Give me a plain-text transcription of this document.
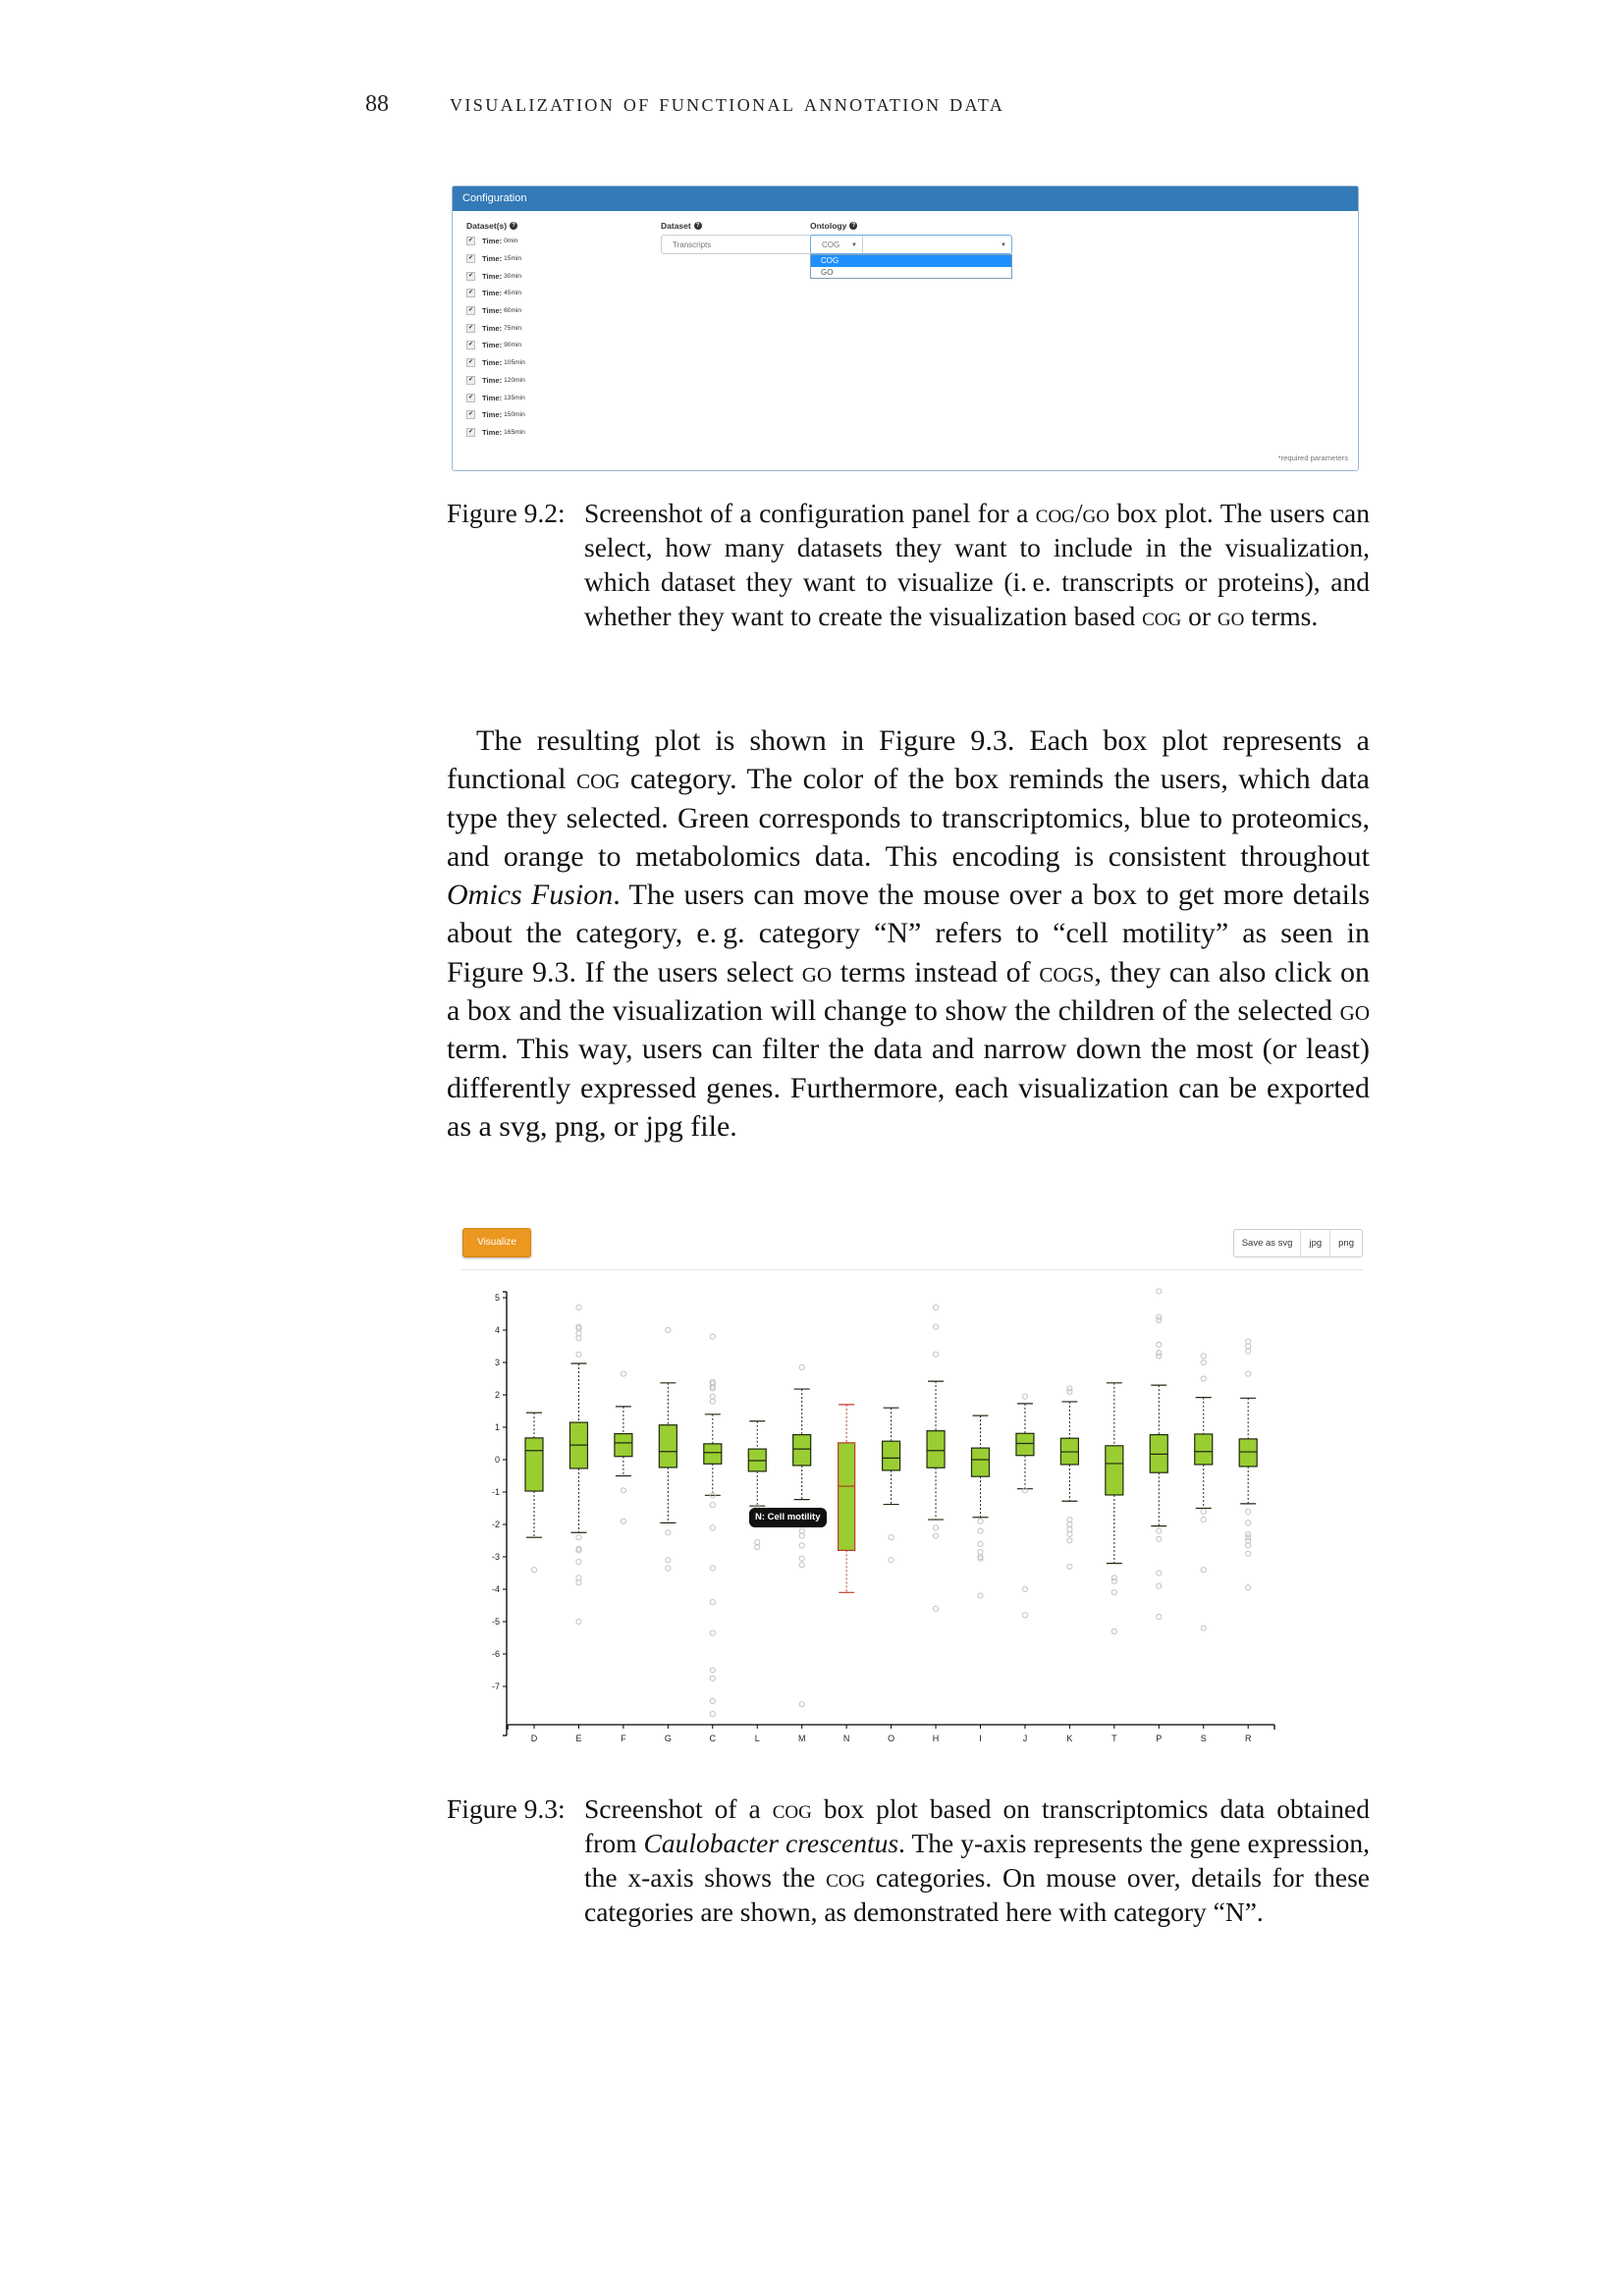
88 visualization of functional annotation data
Configuration
Dataset(s) ?
✔ Time: 0min
✔ Time: 15min
✔ Time: 30min
✔ Time: 45min
✔ Time: 60min
✔ Time: 75min
✔ Time: 90min
✔ Time: 105min
✔ Time: 120min
✔ Time: 135min
✔ Time: 150min
✔ Time: 165min
Dataset ?
Transcripts	▼
Ontology ?
COG	▼
COG
GO
*required parameters
Figure 9.2: Screenshot of a configuration panel for a cog/go box plot. The users can select, how many datasets they want to include in the visualization, which dataset they want to visualize (i. e. transcripts or proteins), and whether they want to create the visualization based cog or go terms.

The resulting plot is shown in Figure 9.3. Each box plot represents a functional cog category. The color of the box reminds the users, which data type they selected. Green corresponds to transcriptomics, blue to proteomics, and orange to metabolomics data. This encoding is consistent throughout Omics Fusion. The users can move the mouse over a box to get more details about the category, e. g. category “N” refers to “cell motility” as seen in Figure 9.3. If the users select go terms instead of cogs, they can also click on a box and the visualization will change to show the children of the selected go term. This way, users can filter the data and narrow down the most (or least) differently expressed genes. Furthermore, each visualization can be exported as a svg, png, or jpg file.

Visualize	Save as svg	jpg	png
5
4
3
2
1
0
-1
-2
-3
-4
-5
-6
-7
D	E	F	G	C	L	M	N	O	H	I	J	K	T	P	S	R
N: Cell motility
Figure 9.3: Screenshot of a cog box plot based on transcriptomics data obtained from Caulobacter crescentus. The y-axis represents the gene expression, the x-axis shows the cog categories. On mouse over, details for these categories are shown, as demonstrated here with category “N”.
